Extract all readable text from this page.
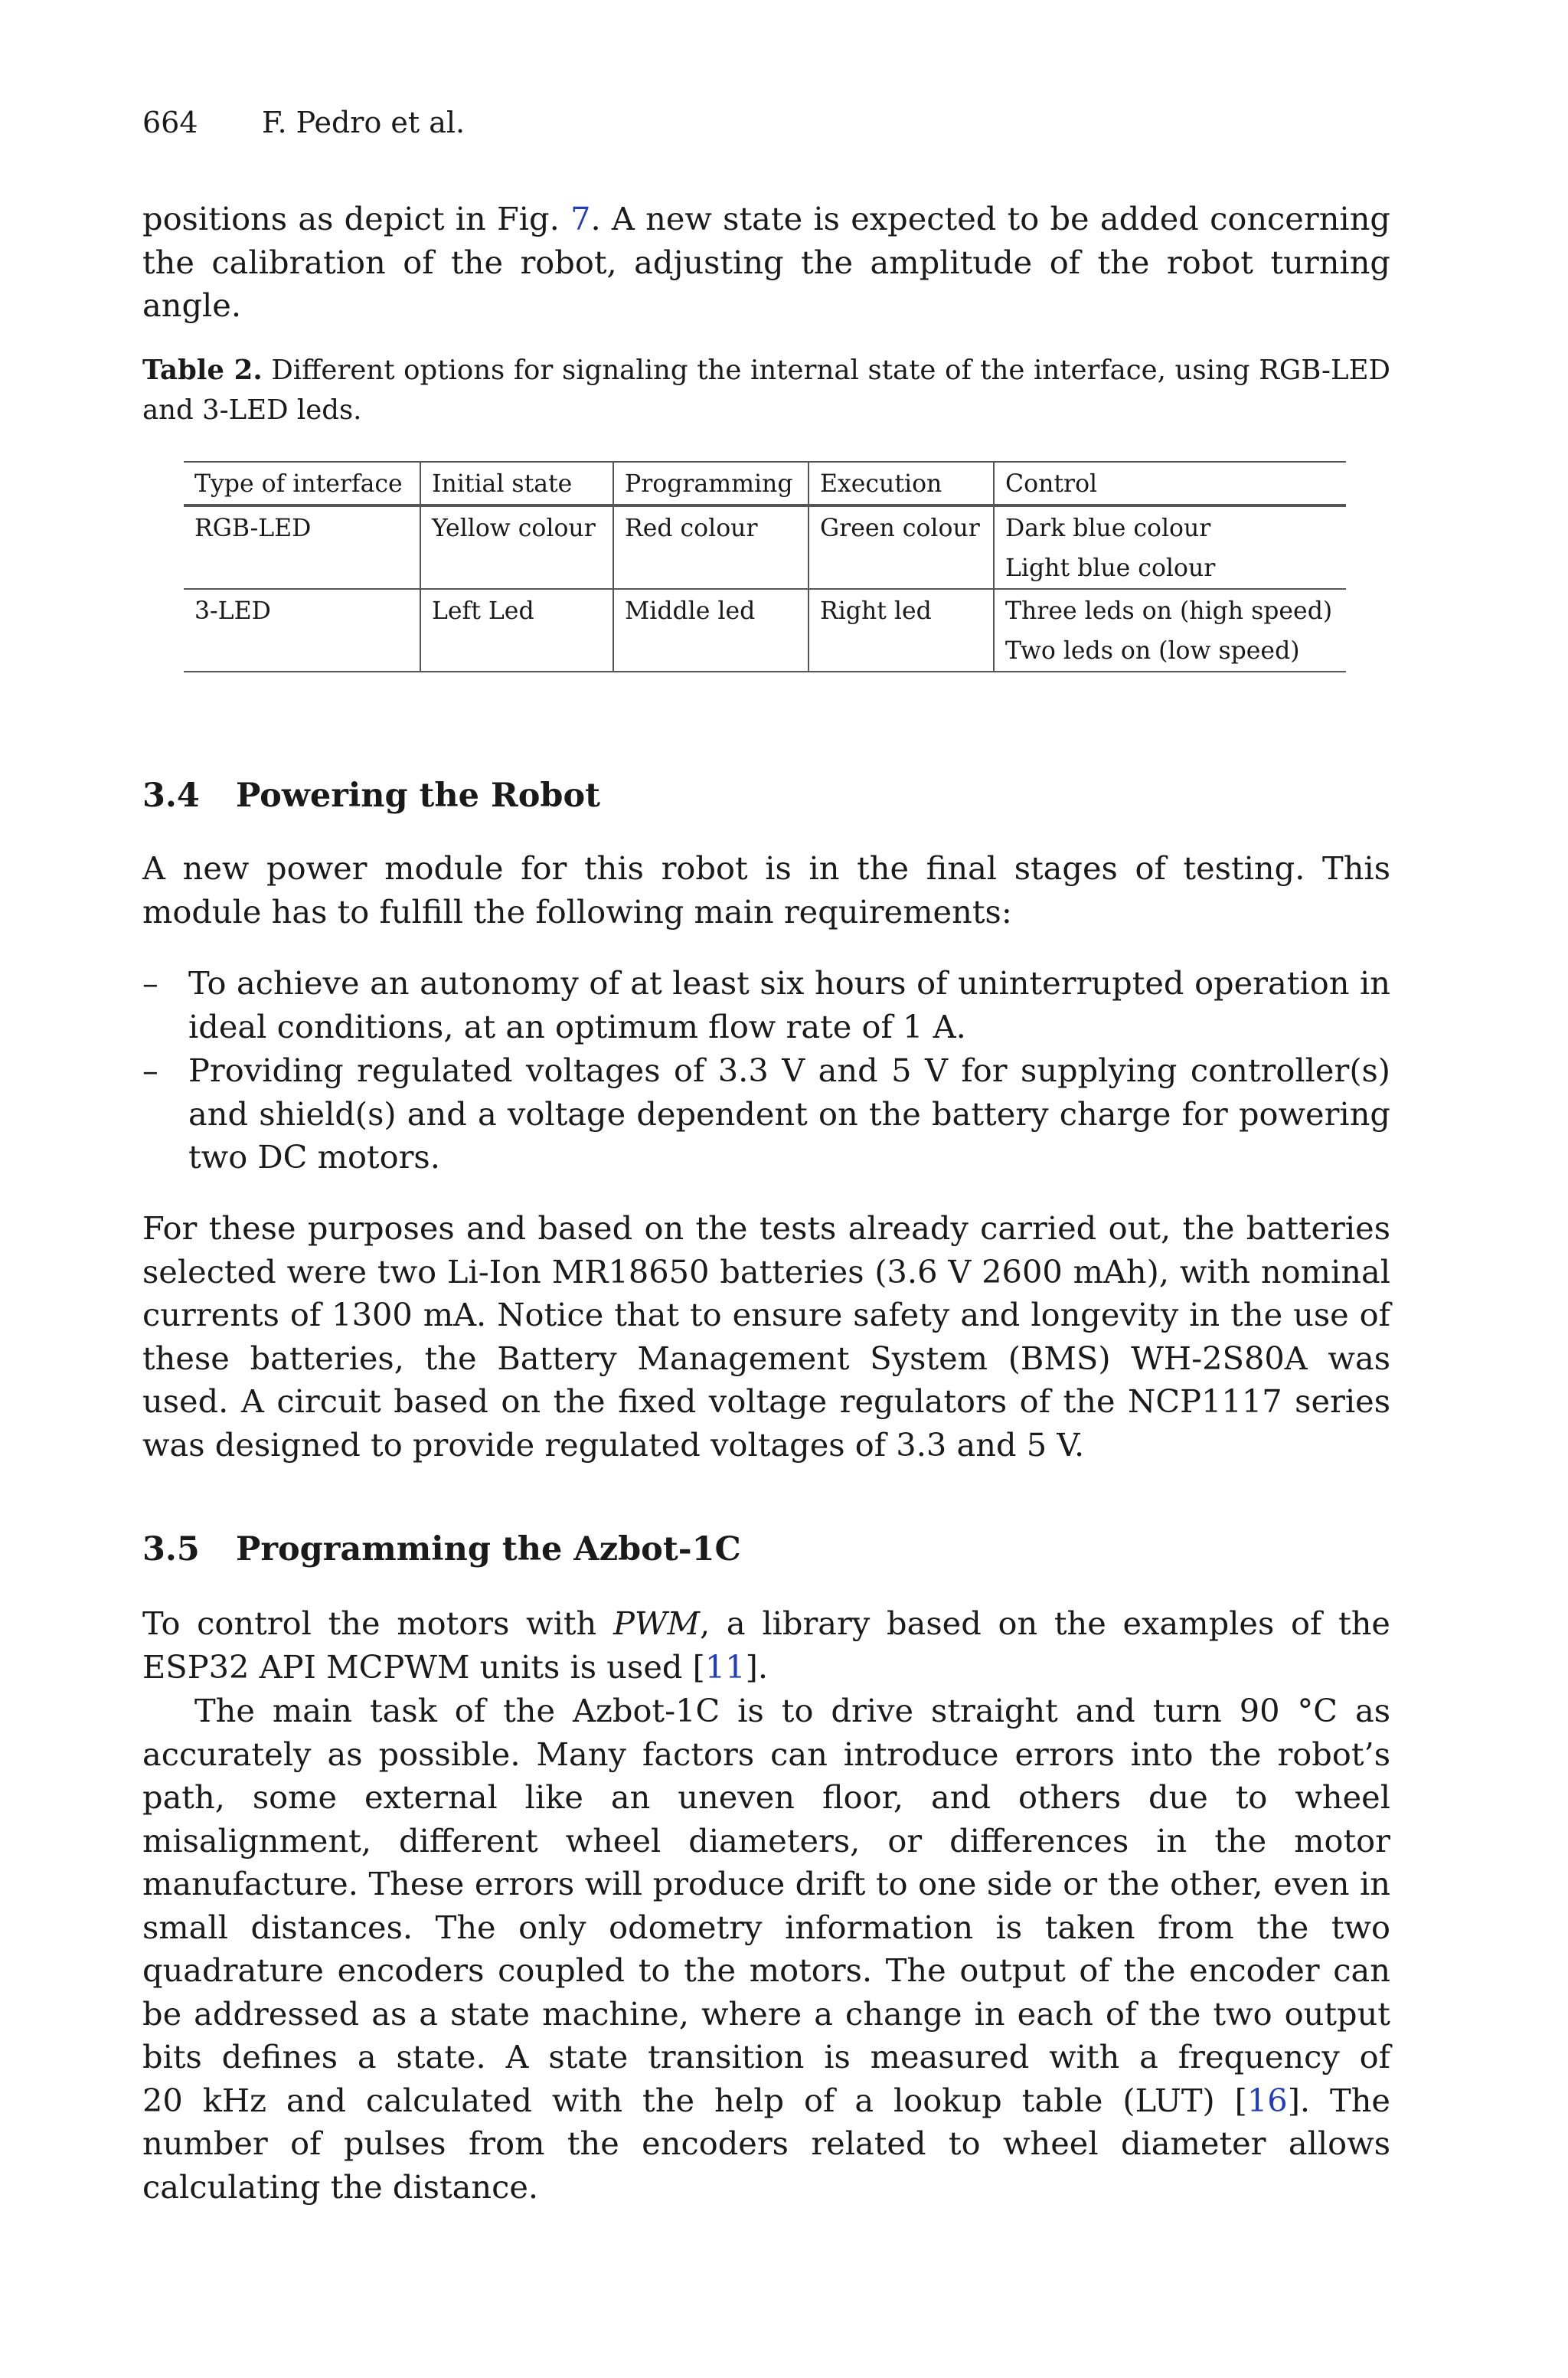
664 F. Pedro et al.

positions as depict in Fig. 7. A new state is expected to be added concerning the calibration of the robot, adjusting the amplitude of the robot turning angle.

Table 2. Different options for signaling the internal state of the interface, using RGB-LED and 3-LED leds.

Type of interface	Initial state	Programming	Execution	Control
RGB-LED	Yellow colour	Red colour	Green colour	Dark blue colour
Light blue colour

3-LED	Left Led	Middle led	Right led	Three leds on (high speed)
Two leds on (low speed)
3.4 Powering the Robot

A new power module for this robot is in the final stages of testing. This module has to fulfill the following main requirements:

– To achieve an autonomy of at least six hours of uninterrupted operation in ideal conditions, at an optimum flow rate of 1 A.
– Providing regulated voltages of 3.3 V and 5 V for supplying controller(s) and shield(s) and a voltage dependent on the battery charge for powering two DC motors.

For these purposes and based on the tests already carried out, the batteries selected were two Li-Ion MR18650 batteries (3.6 V 2600 mAh), with nominal currents of 1300 mA. Notice that to ensure safety and longevity in the use of these batteries, the Battery Management System (BMS) WH-2S80A was used. A circuit based on the fixed voltage regulators of the NCP1117 series was designed to provide regulated voltages of 3.3 and 5 V.

3.5 Programming the Azbot-1C

To control the motors with PWM, a library based on the examples of the ESP32 API MCPWM units is used [11].

The main task of the Azbot-1C is to drive straight and turn 90 °C as accurately as possible. Many factors can introduce errors into the robot’s path, some external like an uneven floor, and others due to wheel misalignment, different wheel diameters, or differences in the motor manufacture. These errors will produce drift to one side or the other, even in small distances. The only odometry information is taken from the two quadrature encoders coupled to the motors. The output of the encoder can be addressed as a state machine, where a change in each of the two output bits defines a state. A state transition is measured with a frequency of 20 kHz and calculated with the help of a lookup table (LUT) [16]. The number of pulses from the encoders related to wheel diameter allows calculating the distance.
